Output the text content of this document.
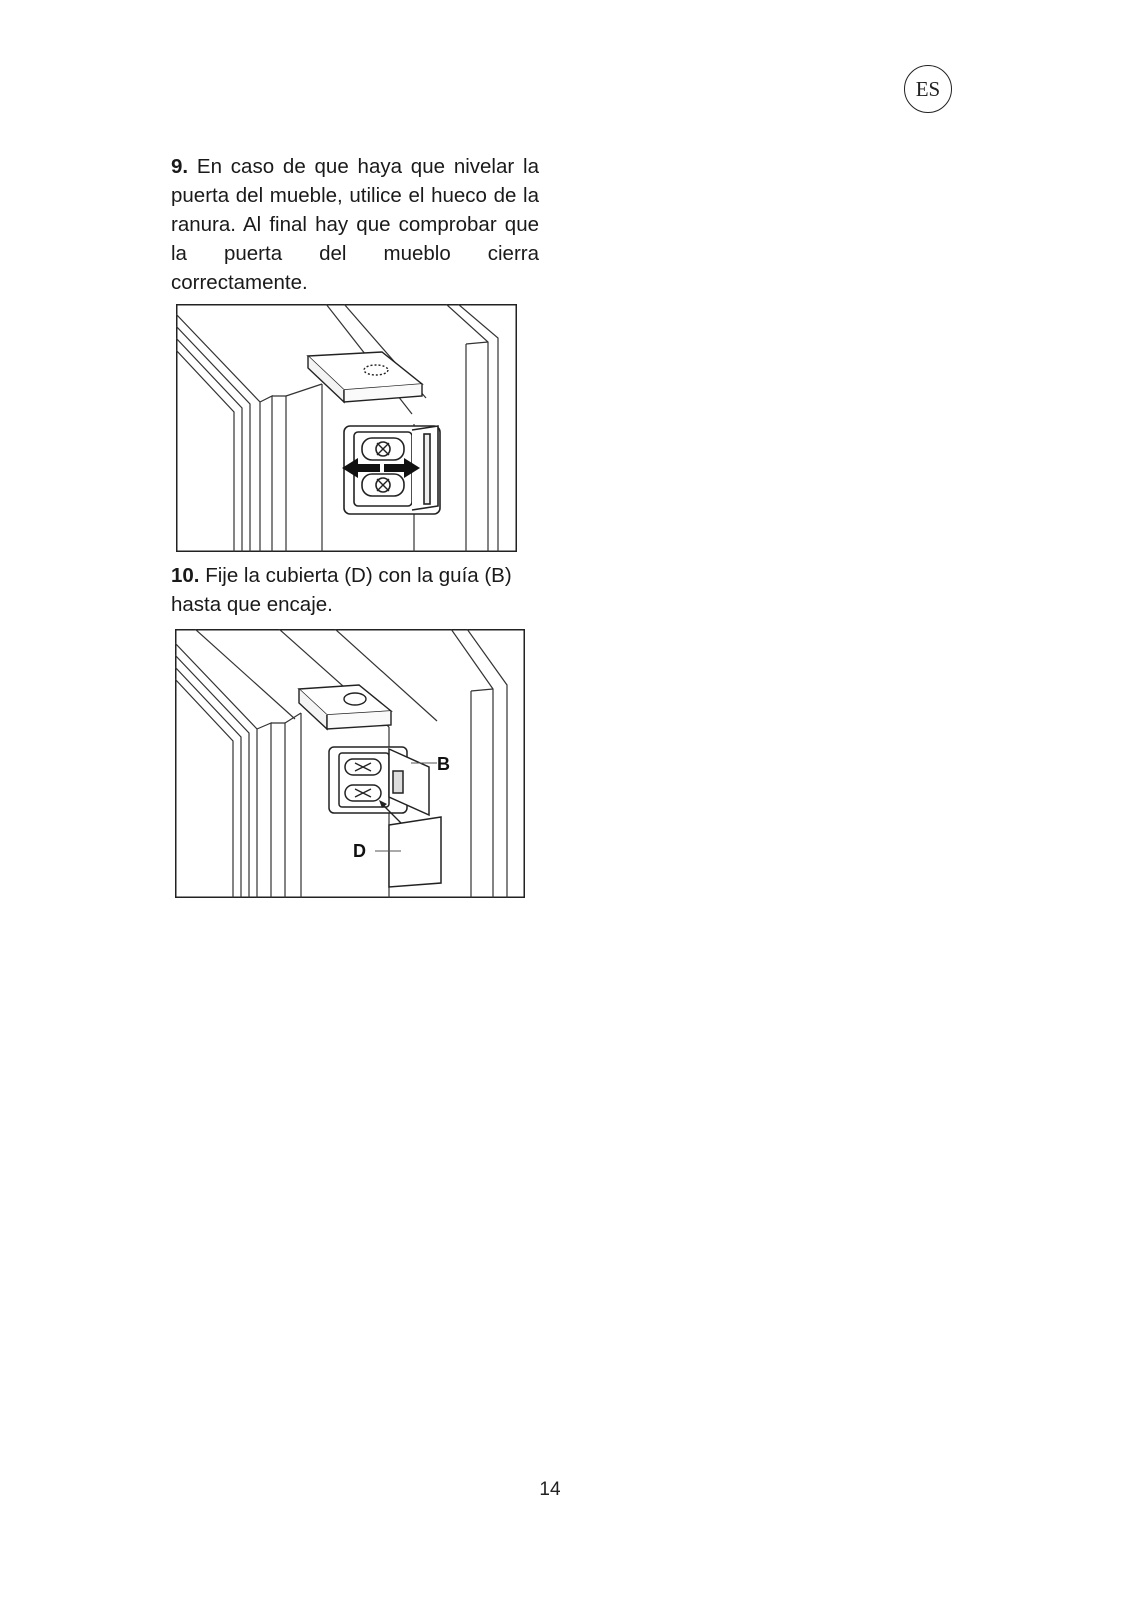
ES

9. En caso de que haya que nivelar la puerta del mueble, utilice el hueco de la ranura. Al final hay que comprobar que la puerta del mueblo cierra correctamente.

10. Fije la cubierta (D) con la guía (B) hasta que encaje.

B
D
14
